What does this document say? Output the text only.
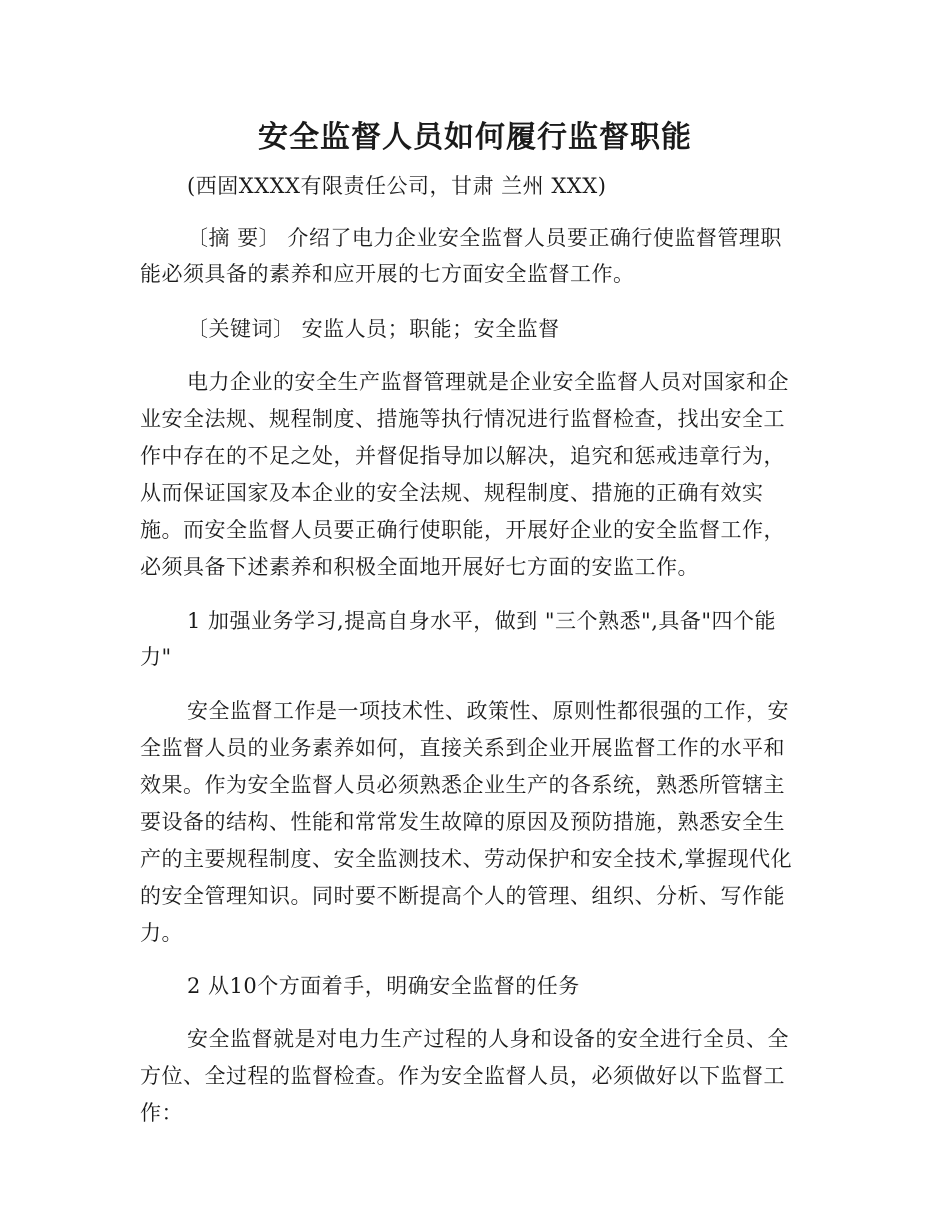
安全监督人员如何履行监督职能
(西固XXXX有限责任公司，甘肃 兰州 XXX)
〔摘 要〕 介绍了电力企业安全监督人员要正确行使监督管理职
能必须具备的素养和应开展的七方面安全监督工作。
〔关键词〕 安监人员；职能；安全监督
电力企业的安全生产监督管理就是企业安全监督人员对国家和企
业安全法规、规程制度、措施等执行情况进行监督检查，找出安全工
作中存在的不足之处，并督促指导加以解决，追究和惩戒违章行为，
从而保证国家及本企业的安全法规、规程制度、措施的正确有效实
施。而安全监督人员要正确行使职能，开展好企业的安全监督工作，
必须具备下述素养和积极全面地开展好七方面的安监工作。
1 加强业务学习,提高自身水平，做到 "三个熟悉",具备"四个能
力"
安全监督工作是一项技术性、政策性、原则性都很强的工作，安
全监督人员的业务素养如何，直接关系到企业开展监督工作的水平和
效果。作为安全监督人员必须熟悉企业生产的各系统，熟悉所管辖主
要设备的结构、性能和常常发生故障的原因及预防措施，熟悉安全生
产的主要规程制度、安全监测技术、劳动保护和安全技术,掌握现代化
的安全管理知识。同时要不断提高个人的管理、组织、分析、写作能
力。
2 从10个方面着手，明确安全监督的任务
安全监督就是对电力生产过程的人身和设备的安全进行全员、全
方位、全过程的监督检查。作为安全监督人员，必须做好以下监督工
作：
